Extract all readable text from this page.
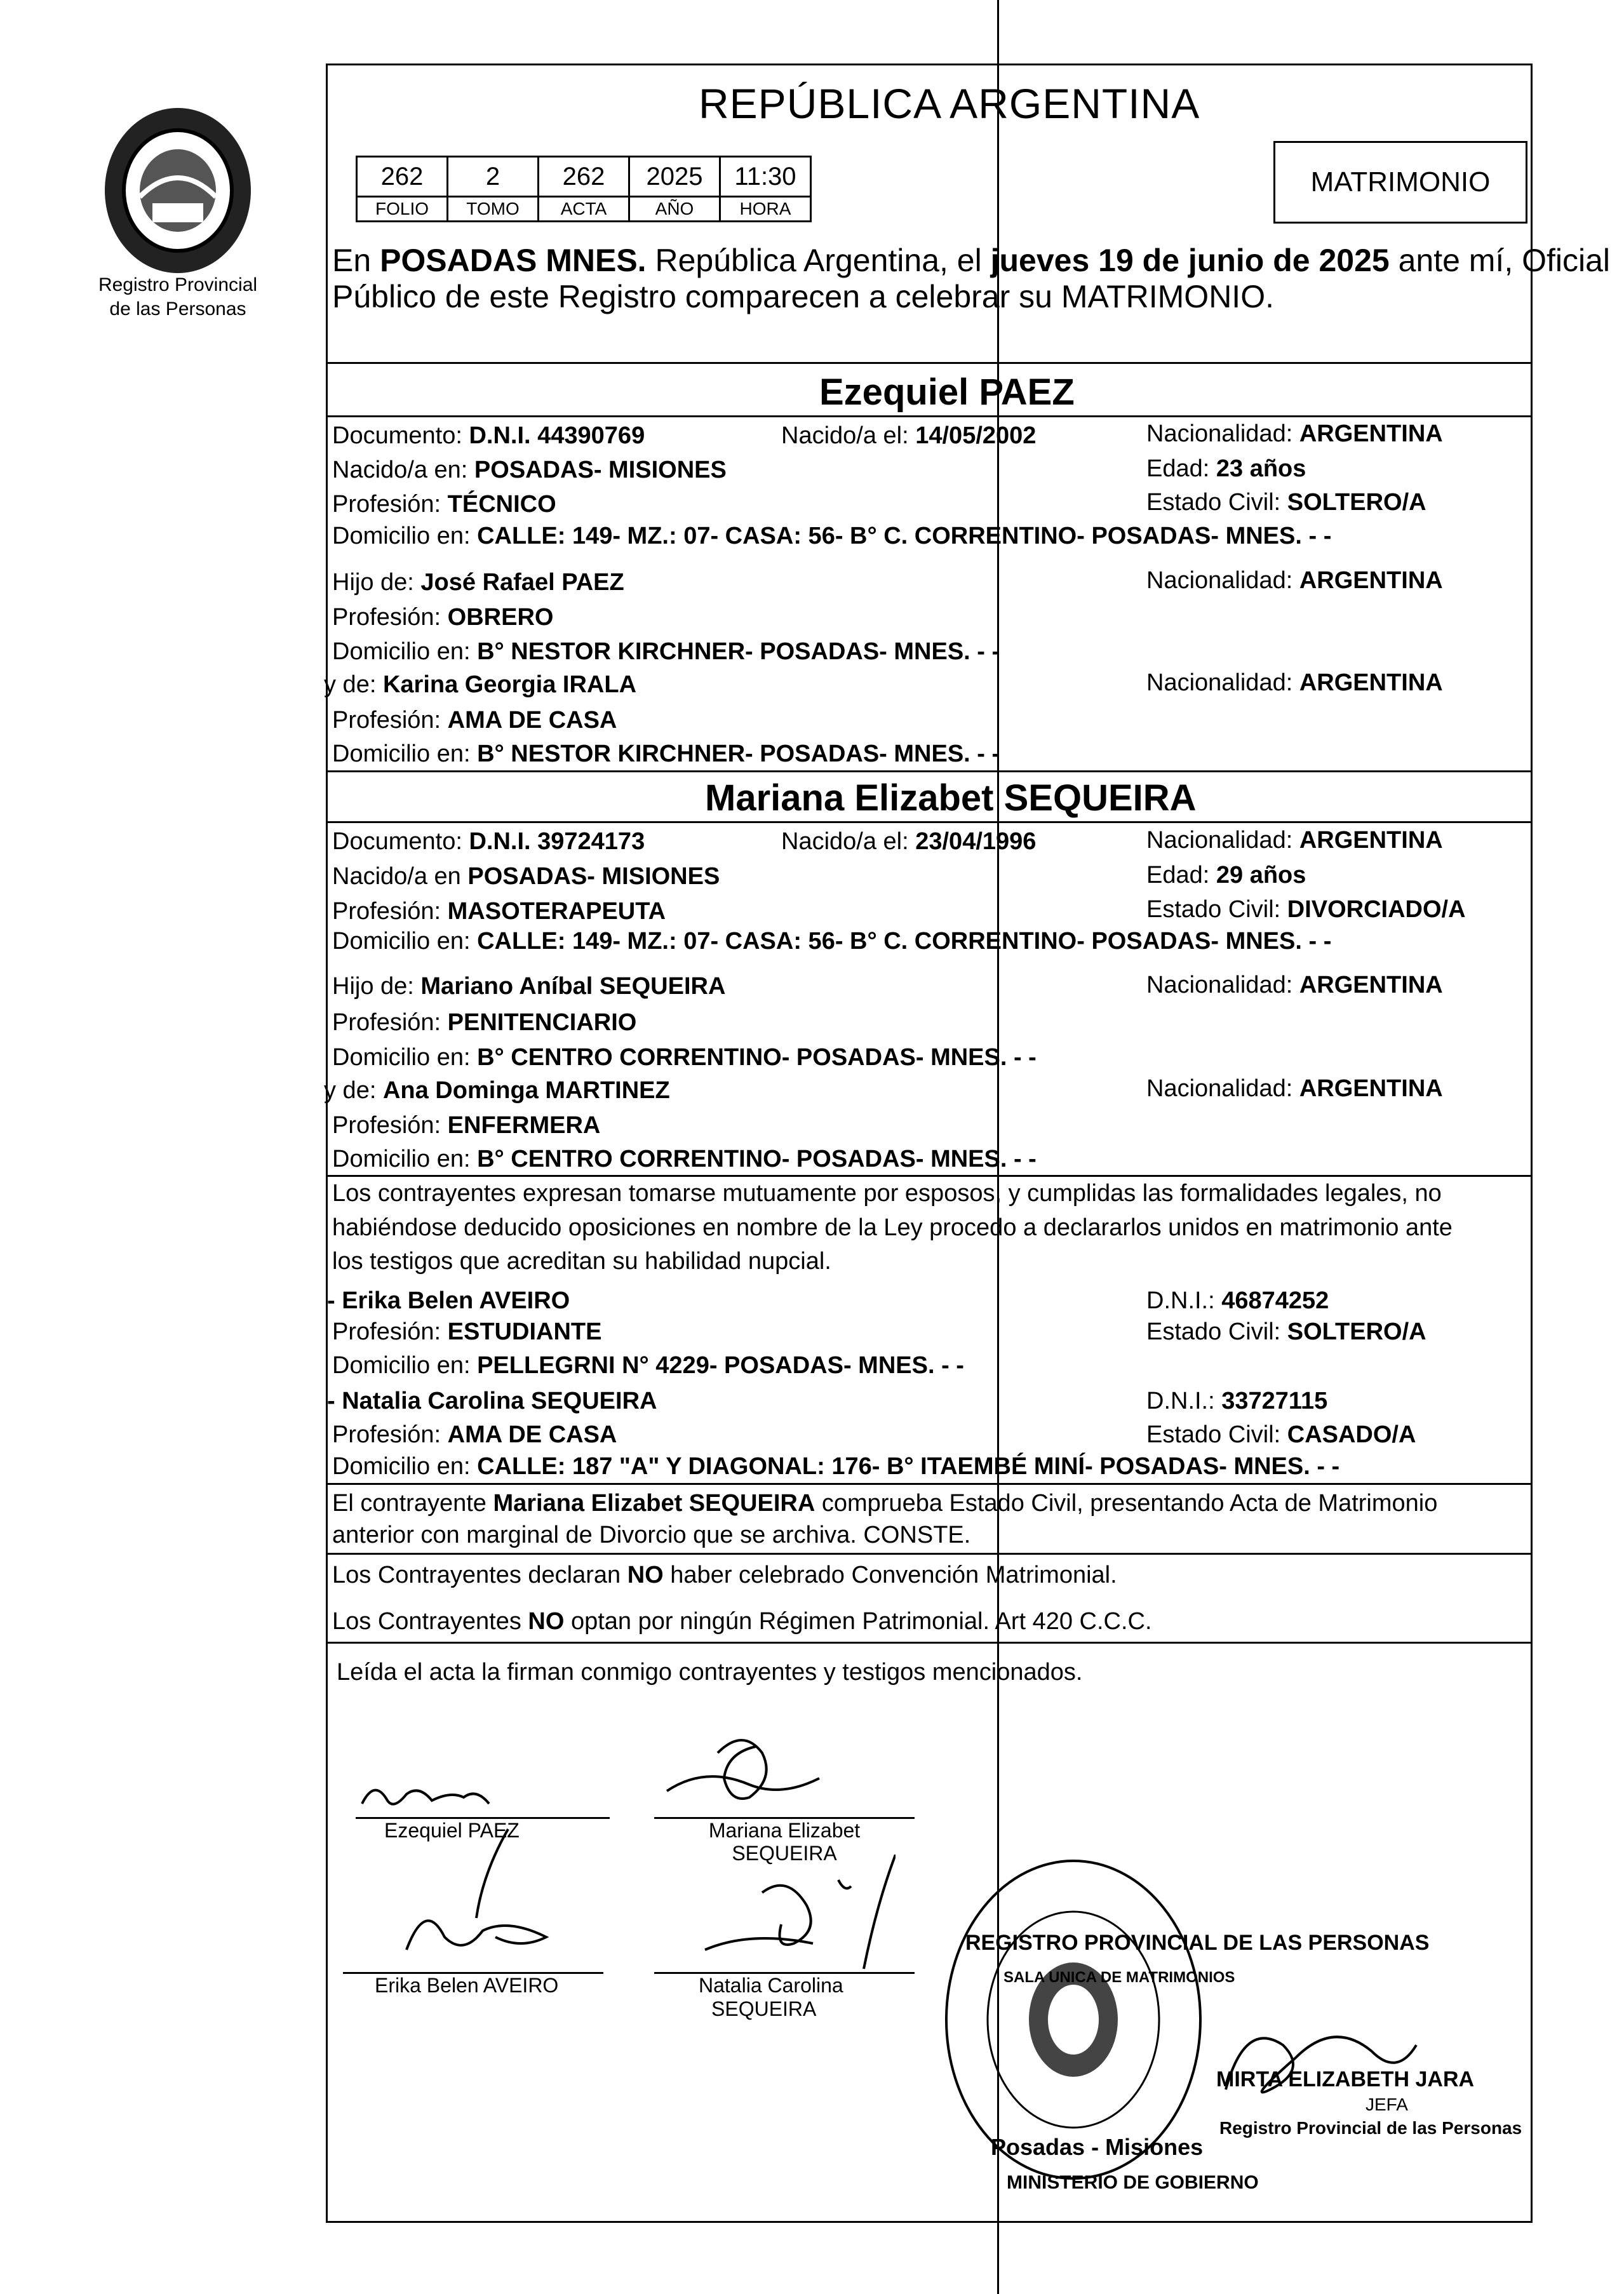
Registro Provincial
de las Personas
REPÚBLICA ARGENTINA
262	2	262	2025	11:30
FOLIO	TOMO	ACTA	AÑO	HORA
MATRIMONIO
En POSADAS MNES. República Argentina, el jueves 19 de junio de 2025 ante mí, Oficial
Público de este Registro comparecen a celebrar su MATRIMONIO.
Ezequiel PAEZ
Documento: D.N.I. 44390769	Nacido/a el: 14/05/2002	Nacionalidad: ARGENTINA
Nacido/a en: POSADAS- MISIONES	Edad: 23 años
Profesión: TÉCNICO	Estado Civil: SOLTERO/A
Domicilio en: CALLE: 149- MZ.: 07- CASA: 56- B° C. CORRENTINO- POSADAS- MNES. - -
Hijo de: José Rafael PAEZ	Nacionalidad: ARGENTINA
Profesión: OBRERO
Domicilio en: B° NESTOR KIRCHNER- POSADAS- MNES. - -
y de: Karina Georgia IRALA	Nacionalidad: ARGENTINA
Profesión: AMA DE CASA
Domicilio en: B° NESTOR KIRCHNER- POSADAS- MNES. - -
Mariana Elizabet SEQUEIRA
Documento: D.N.I. 39724173	Nacido/a el: 23/04/1996	Nacionalidad: ARGENTINA
Nacido/a en POSADAS- MISIONES	Edad: 29 años
Profesión: MASOTERAPEUTA	Estado Civil: DIVORCIADO/A
Domicilio en: CALLE: 149- MZ.: 07- CASA: 56- B° C. CORRENTINO- POSADAS- MNES. - -
Hijo de: Mariano Aníbal SEQUEIRA	Nacionalidad: ARGENTINA
Profesión: PENITENCIARIO
Domicilio en: B° CENTRO CORRENTINO- POSADAS- MNES. - -
y de: Ana Dominga MARTINEZ	Nacionalidad: ARGENTINA
Profesión: ENFERMERA
Domicilio en: B° CENTRO CORRENTINO- POSADAS- MNES. - -
Los contrayentes expresan tomarse mutuamente por esposos, y cumplidas las formalidades legales, no
habiéndose deducido oposiciones en nombre de la Ley procedo a declararlos unidos en matrimonio ante
los testigos que acreditan su habilidad nupcial.
- Erika Belen AVEIRO	D.N.I.: 46874252
Profesión: ESTUDIANTE	Estado Civil: SOLTERO/A
Domicilio en: PELLEGRNI N° 4229- POSADAS- MNES. - -
- Natalia Carolina SEQUEIRA	D.N.I.: 33727115
Profesión: AMA DE CASA	Estado Civil: CASADO/A
Domicilio en: CALLE: 187 "A" Y DIAGONAL: 176- B° ITAEMBÉ MINÍ- POSADAS- MNES. - -
El contrayente Mariana Elizabet SEQUEIRA comprueba Estado Civil, presentando Acta de Matrimonio
anterior con marginal de Divorcio que se archiva. CONSTE.
Los Contrayentes declaran NO haber celebrado Convención Matrimonial.
Los Contrayentes NO optan por ningún Régimen Patrimonial. Art 420 C.C.C.
Leída el acta la firman conmigo contrayentes y testigos mencionados.
Ezequiel PAEZ	Mariana Elizabet
SEQUEIRA
Erika Belen AVEIRO	Natalia Carolina
SEQUEIRA
Posadas - Misiones
REGISTRO PROVINCIAL DE LAS PERSONAS
SALA UNICA DE MATRIMONIOS
MINISTERIO DE GOBIERNO
MIRTA ELIZABETH JARA
JEFA
Registro Provincial de las Personas
